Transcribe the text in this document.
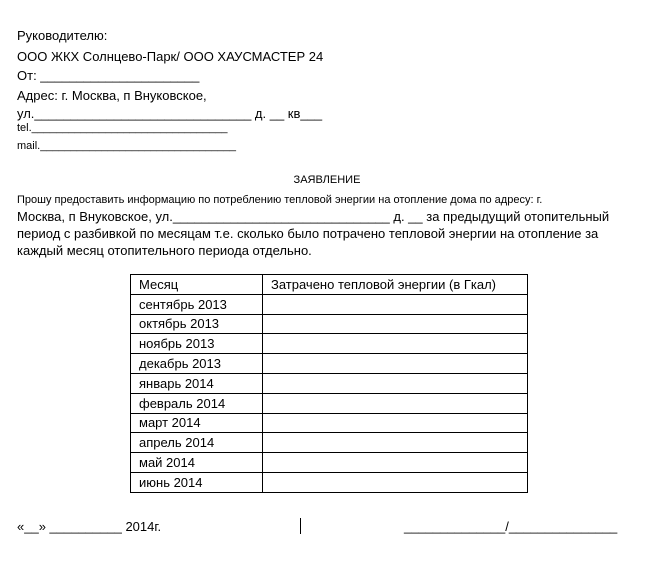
Руководителю:
ООО ЖКХ Солнцево-Парк/ ООО ХАУСМАСТЕР 24
От: ______________________
Адрес: г. Москва, п Внуковское,
ул.______________________________ д. __ кв___
tel.________________________________
mail.________________________________
ЗАЯВЛЕНИЕ
Прошу предоставить информацию по потреблению тепловой энергии на отопление дома по адресу: г.
Москва, п Внуковское, ул.______________________________ д. __ за предыдущий отопительный
период с разбивкой по месяцам т.е. сколько было потрачено тепловой энергии на отопление за
каждый месяц отопительного периода отдельно.
Месяц	Затрачено тепловой энергии (в Гкал)
сентябрь 2013	
октябрь 2013	
ноябрь 2013	
декабрь 2013	
январь 2014	
февраль 2014	
март 2014	
апрель 2014	
май 2014	
июнь 2014	
«__» __________ 2014г.	______________/_______________
